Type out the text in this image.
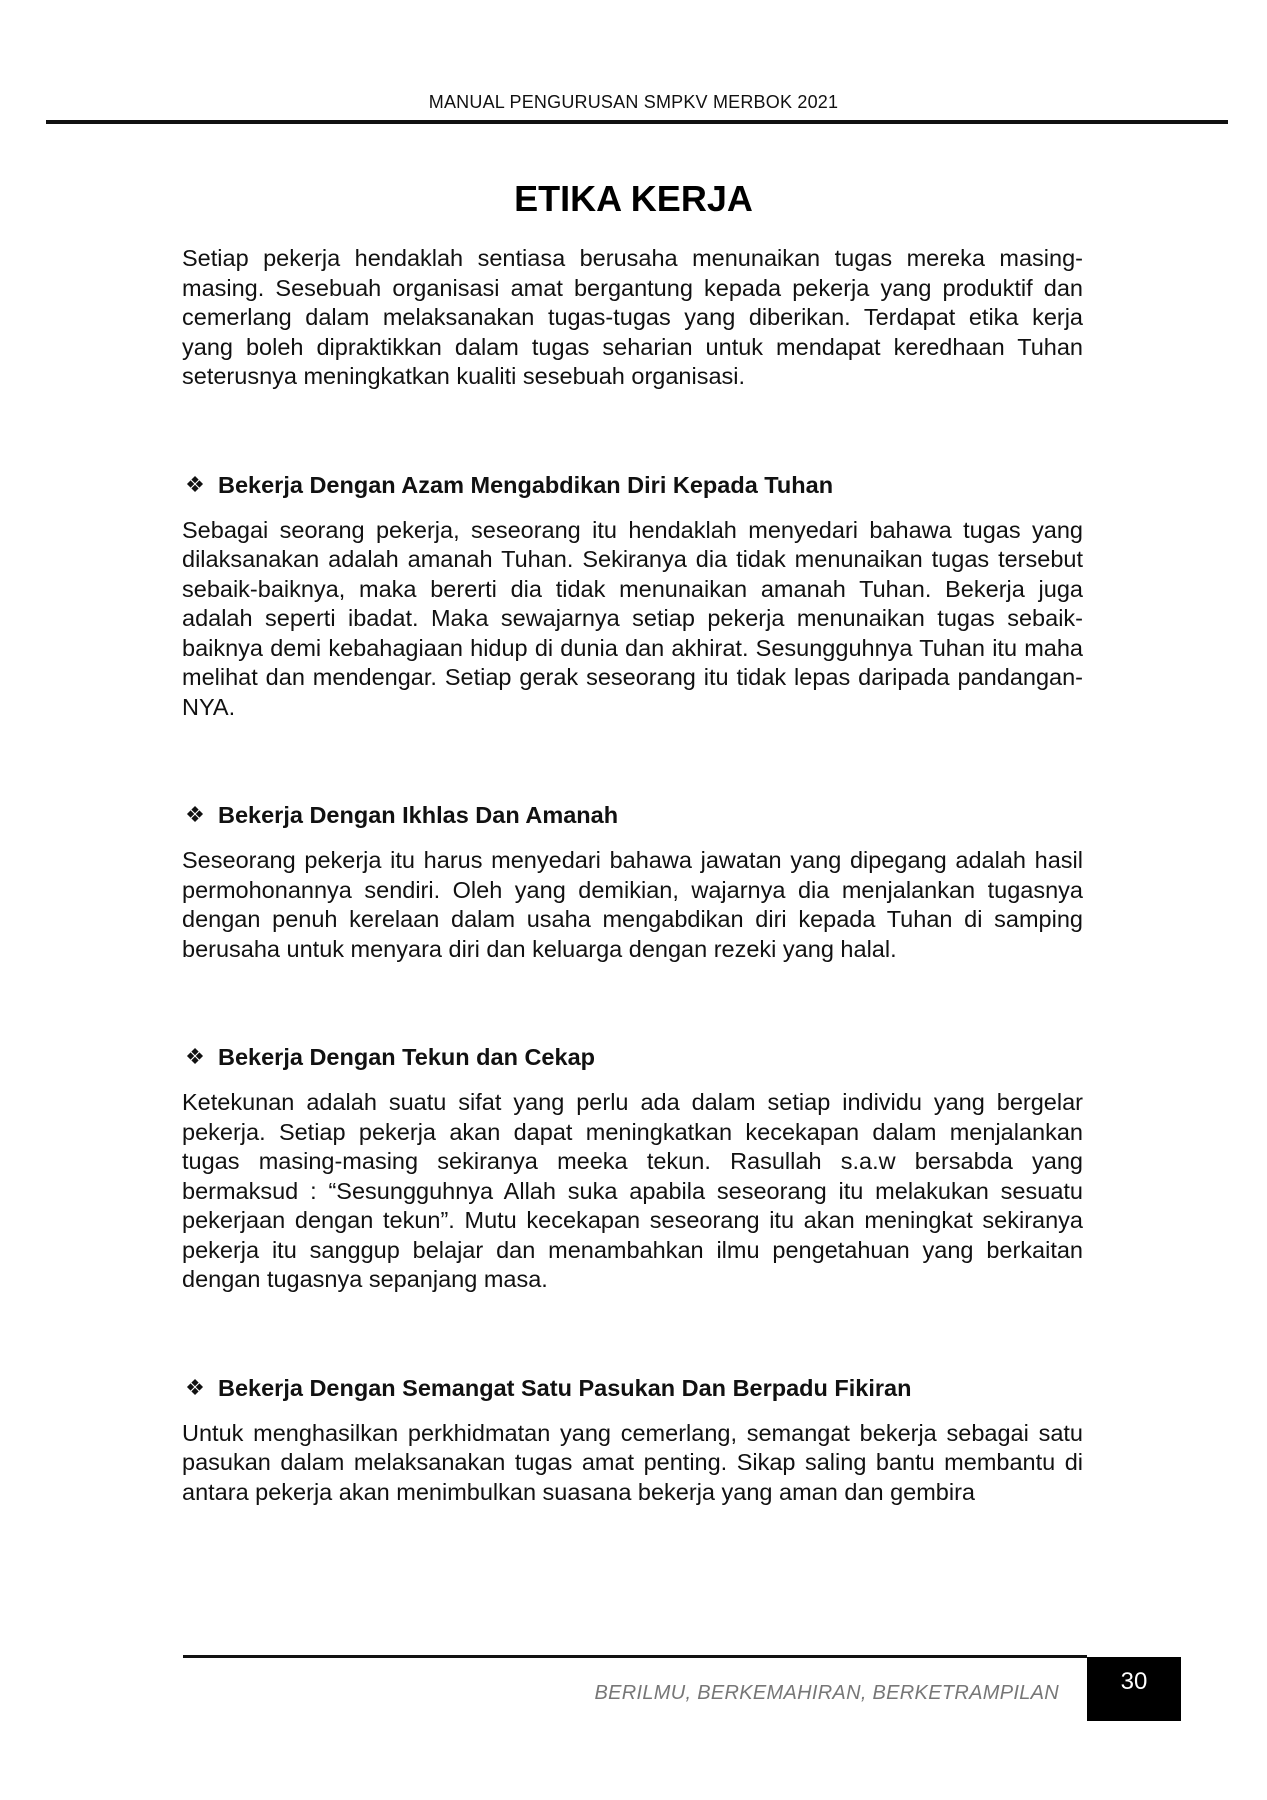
MANUAL PENGURUSAN SMPKV MERBOK 2021
ETIKA KERJA

Setiap pekerja hendaklah sentiasa berusaha menunaikan tugas mereka masing-masing. Sesebuah organisasi amat bergantung kepada pekerja yang produktif dan cemerlang dalam melaksanakan tugas-tugas yang diberikan. Terdapat etika kerja yang boleh dipraktikkan dalam tugas seharian untuk mendapat keredhaan Tuhan seterusnya meningkatkan kualiti sesebuah organisasi.

❖ Bekerja Dengan Azam Mengabdikan Diri Kepada Tuhan

Sebagai seorang pekerja, seseorang itu hendaklah menyedari bahawa tugas yang dilaksanakan adalah amanah Tuhan. Sekiranya dia tidak menunaikan tugas tersebut sebaik-baiknya, maka bererti dia tidak menunaikan amanah Tuhan. Bekerja juga adalah seperti ibadat. Maka sewajarnya setiap pekerja menunaikan tugas sebaik-baiknya demi kebahagiaan hidup di dunia dan akhirat. Sesungguhnya Tuhan itu maha melihat dan mendengar. Setiap gerak seseorang itu tidak lepas daripada pandangan-NYA.

❖ Bekerja Dengan Ikhlas Dan Amanah

Seseorang pekerja itu harus menyedari bahawa jawatan yang dipegang adalah hasil permohonannya sendiri. Oleh yang demikian, wajarnya dia menjalankan tugasnya dengan penuh kerelaan dalam usaha mengabdikan diri kepada Tuhan di samping berusaha untuk menyara diri dan keluarga dengan rezeki yang halal.

❖ Bekerja Dengan Tekun dan Cekap

Ketekunan adalah suatu sifat yang perlu ada dalam setiap individu yang bergelar pekerja. Setiap pekerja akan dapat meningkatkan kecekapan dalam menjalankan tugas masing-masing sekiranya meeka tekun. Rasullah s.a.w bersabda yang bermaksud : “Sesungguhnya Allah suka apabila seseorang itu melakukan sesuatu pekerjaan dengan tekun”. Mutu kecekapan seseorang itu akan meningkat sekiranya pekerja itu sanggup belajar dan menambahkan ilmu pengetahuan yang berkaitan dengan tugasnya sepanjang masa.

❖ Bekerja Dengan Semangat Satu Pasukan Dan Berpadu Fikiran

Untuk menghasilkan perkhidmatan yang cemerlang, semangat bekerja sebagai satu pasukan dalam melaksanakan tugas amat penting. Sikap saling bantu membantu di antara pekerja akan menimbulkan suasana bekerja yang aman dan gembira

BERILMU, BERKEMAHIRAN, BERKETRAMPILAN	30
